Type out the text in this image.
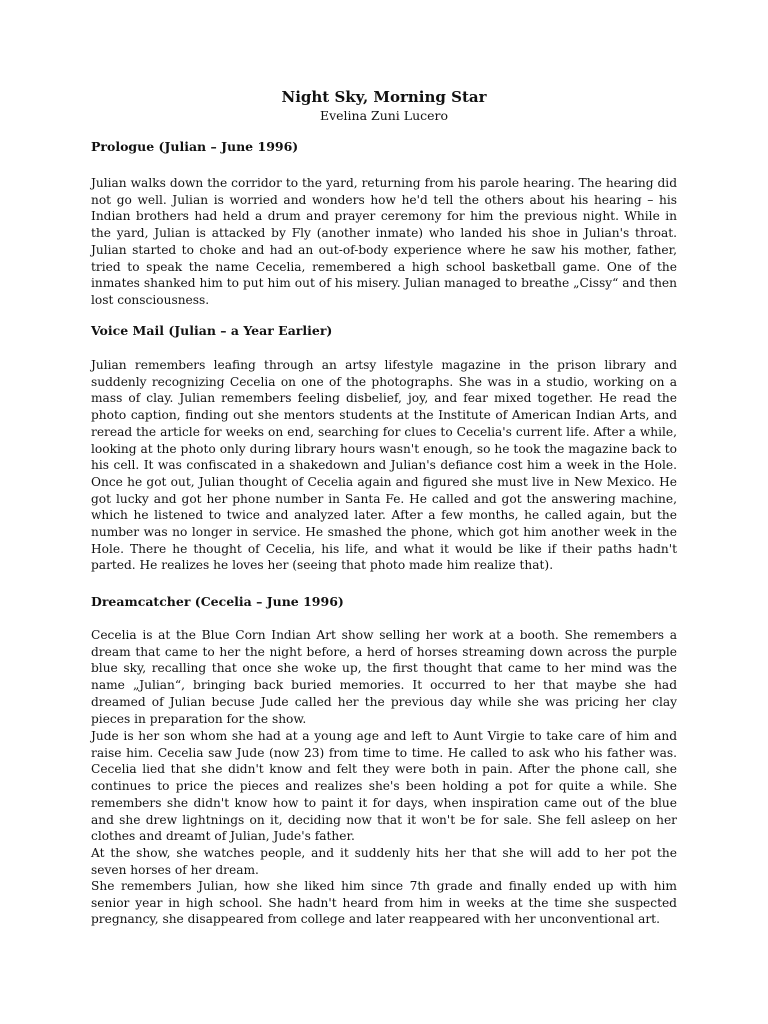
Night Sky, Morning Star
Evelina Zuni Lucero
Prologue (Julian – June 1996)
Julian walks down the corridor to the yard, returning from his parole hearing. The hearing did not go well. Julian is worried and wonders how he'd tell the others about his hearing – his Indian brothers had held a drum and prayer ceremony for him the previous night. While in the yard, Julian is attacked by Fly (another inmate) who landed his shoe in Julian's throat. Julian started to choke and had an out-of-body experience where he saw his mother, father, tried to speak the name Cecelia, remembered a high school basketball game. One of the inmates shanked him to put him out of his misery. Julian managed to breathe „Cissy“ and then lost consciousness.
Voice Mail (Julian – a Year Earlier)
Julian remembers leafing through an artsy lifestyle magazine in the prison library and suddenly recognizing Cecelia on one of the photographs. She was in a studio, working on a mass of clay. Julian remembers feeling disbelief, joy, and fear mixed together. He read the photo caption, finding out she mentors students at the Institute of American Indian Arts, and reread the article for weeks on end, searching for clues to Cecelia's current life. After a while, looking at the photo only during library hours wasn't enough, so he took the magazine back to his cell. It was confiscated in a shakedown and Julian's defiance cost him a week in the Hole. Once he got out, Julian thought of Cecelia again and figured she must live in New Mexico. He got lucky and got her phone number in Santa Fe. He called and got the answering machine, which he listened to twice and analyzed later. After a few months, he called again, but the number was no longer in service. He smashed the phone, which got him another week in the Hole. There he thought of Cecelia, his life, and what it would be like if their paths hadn't parted. He realizes he loves her (seeing that photo made him realize that).
Dreamcatcher (Cecelia – June 1996)
Cecelia is at the Blue Corn Indian Art show selling her work at a booth. She remembers a dream that came to her the night before, a herd of horses streaming down across the purple blue sky, recalling that once she woke up, the first thought that came to her mind was the name „Julian“, bringing back buried memories. It occurred to her that maybe she had dreamed of Julian becuse Jude called her the previous day while she was pricing her clay pieces in preparation for the show.
Jude is her son whom she had at a young age and left to Aunt Virgie to take care of him and raise him. Cecelia saw Jude (now 23) from time to time. He called to ask who his father was. Cecelia lied that she didn't know and felt they were both in pain. After the phone call, she continues to price the pieces and realizes she's been holding a pot for quite a while. She remembers she didn't know how to paint it for days, when inspiration came out of the blue and she drew lightnings on it, deciding now that it won't be for sale. She fell asleep on her clothes and dreamt of Julian, Jude's father.
At the show, she watches people, and it suddenly hits her that she will add to her pot the seven horses of her dream.
She remembers Julian, how she liked him since 7th grade and finally ended up with him senior year in high school. She hadn't heard from him in weeks at the time she suspected pregnancy, she disappeared from college and later reappeared with her unconventional art.
